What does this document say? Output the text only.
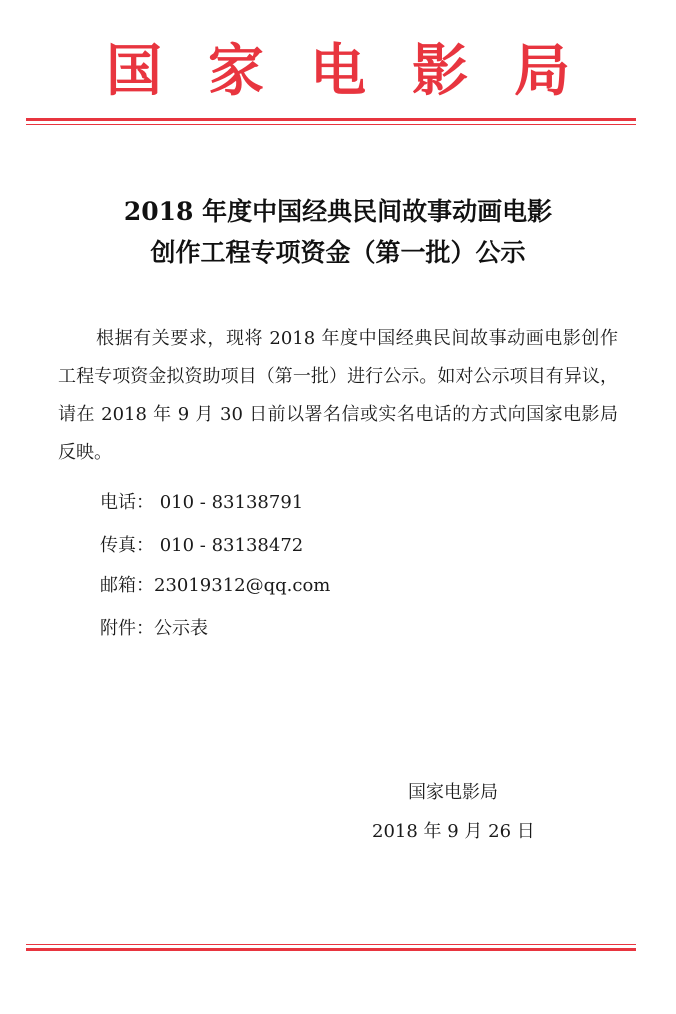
国家电影局
2018 年度中国经典民间故事动画电影
创作工程专项资金（第一批）公示
根据有关要求，现将 2018 年度中国经典民间故事动画电影创作工程专项资金拟资助项目（第一批）进行公示。如对公示项目有异议，请在 2018 年 9 月 30 日前以署名信或实名电话的方式向国家电影局反映。
电话： 010 - 83138791
传真： 010 - 83138472
邮箱：23019312@qq.com
附件：公示表
国家电影局
2018 年 9 月 26 日
